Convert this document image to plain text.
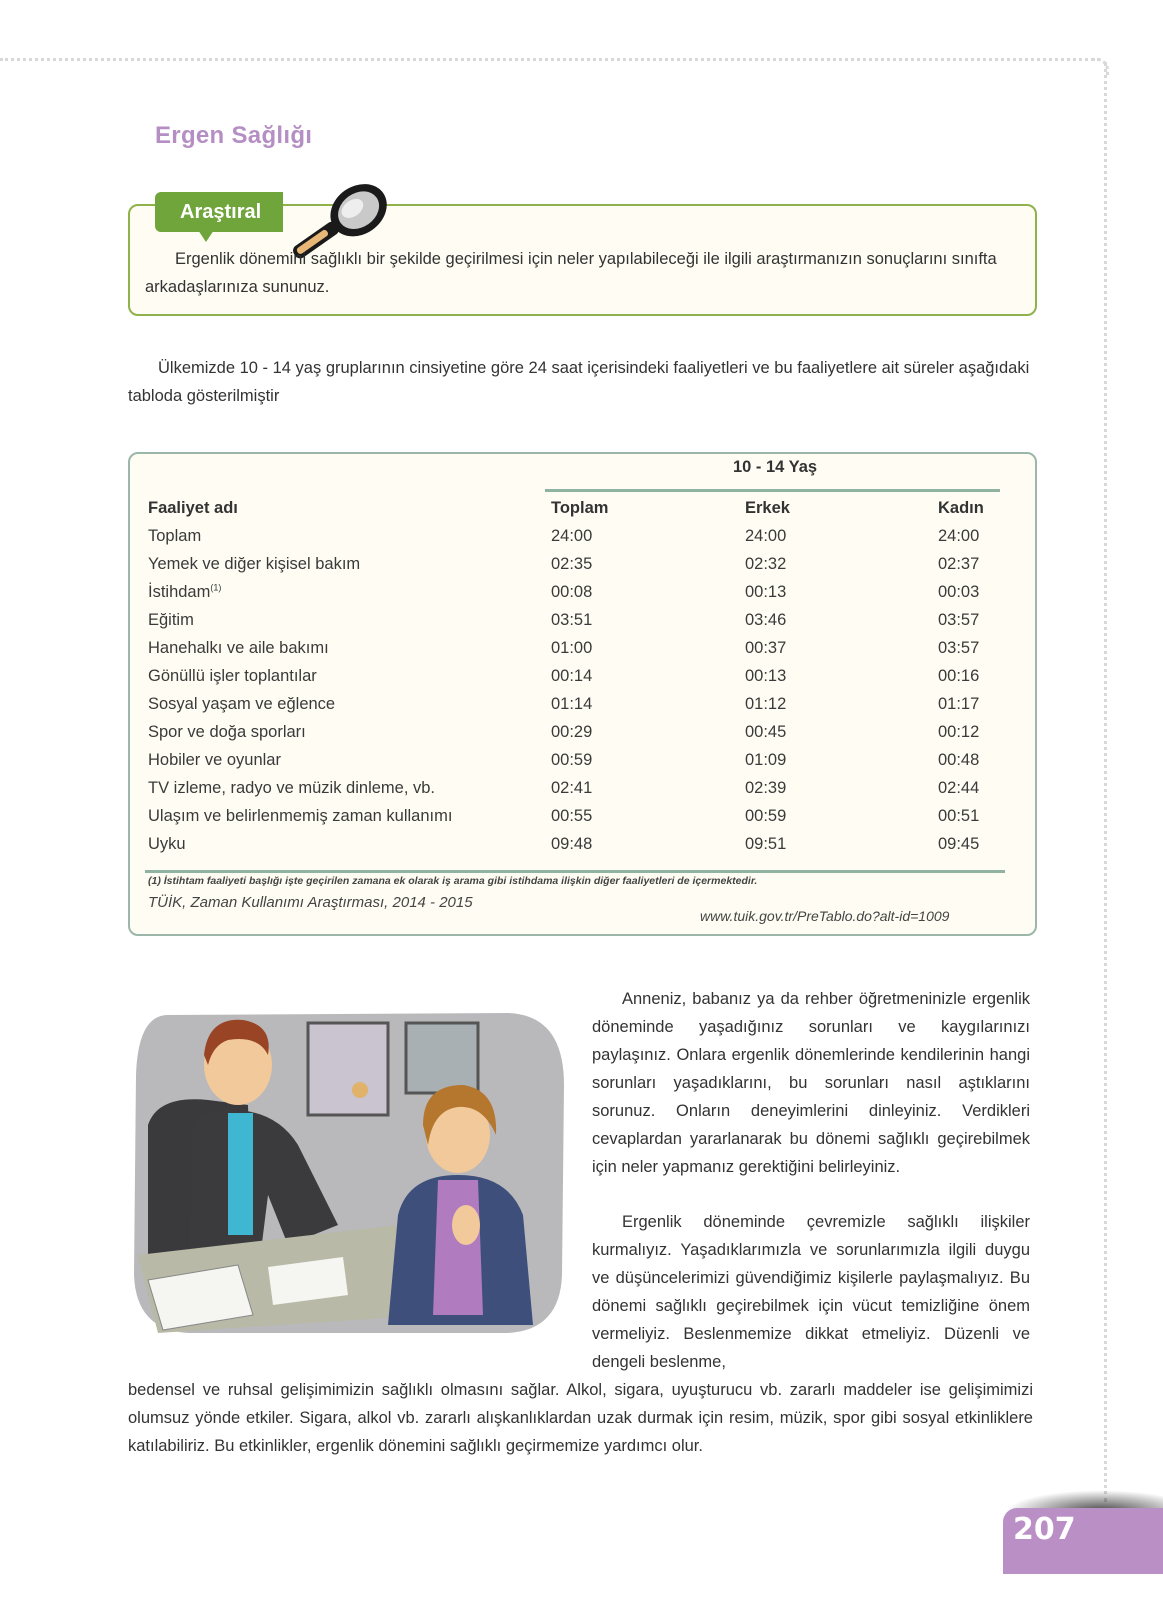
Ergen Sağlığı
Araştıral
Ergenlik dönemini sağlıklı bir şekilde geçirilmesi için neler yapılabileceği ile ilgili araştırmanızın sonuçlarını sınıfta arkadaşlarınıza sununuz.
Ülkemizde 10 - 14 yaş gruplarının cinsiyetine göre 24 saat içerisindeki faaliyetleri ve bu faaliyetlere ait süreler aşağıdaki tabloda gösterilmiştir
10 - 14 Yaş
Faaliyet adı	Toplam	Erkek	Kadın
Toplam	24:00	24:00	24:00
Yemek ve diğer kişisel bakım	02:35	02:32	02:37
İstihdam$^{(1)}$	00:08	00:13	00:03
Eğitim	03:51	03:46	03:57
Hanehalkı ve aile bakımı	01:00	00:37	03:57
Gönüllü işler toplantılar	00:14	00:13	00:16
Sosyal yaşam ve eğlence	01:14	01:12	01:17
Spor ve doğa sporları	00:29	00:45	00:12
Hobiler ve oyunlar	00:59	01:09	00:48
TV izleme, radyo ve müzik dinleme, vb.	02:41	02:39	02:44
Ulaşım ve belirlenmemiş zaman kullanımı	00:55	00:59	00:51
Uyku	09:48	09:51	09:45
(1) İstihtam faaliyeti başlığı işte geçirilen zamana ek olarak iş arama gibi istihdama ilişkin diğer faaliyetleri de içermektedir.
TÜİK, Zaman Kullanımı Araştırması, 2014 - 2015
www.tuik.gov.tr/PreTablo.do?alt-id=1009
Anneniz, babanız ya da rehber öğretmeninizle ergenlik döneminde yaşadığınız sorunları ve kaygılarınızı paylaşınız. Onlara ergenlik dönemlerinde kendilerinin hangi sorunları yaşadıklarını, bu sorunları nasıl aştıklarını sorunuz. Onların deneyimlerini dinleyiniz. Verdikleri cevaplardan yararlanarak bu dönemi sağlıklı geçirebilmek için neler yapmanız gerektiğini belirleyiniz.
Ergenlik döneminde çevremizle sağlıklı ilişkiler kurmalıyız. Yaşadıklarımızla ve sorunlarımızla ilgili duygu ve düşüncelerimizi güvendiğimiz kişilerle paylaşmalıyız. Bu dönemi sağlıklı geçirebilmek için vücut temizliğine önem vermeliyiz. Beslenmemize dikkat etmeliyiz. Düzenli ve dengeli beslenme,
bedensel ve ruhsal gelişimimizin sağlıklı olmasını sağlar. Alkol, sigara, uyuşturucu vb. zararlı maddeler ise gelişimimizi olumsuz yönde etkiler. Sigara, alkol vb. zararlı alışkanlıklardan uzak durmak için resim, müzik, spor gibi sosyal etkinliklere katılabiliriz. Bu etkinlikler, ergenlik dönemini sağlıklı geçirmemize yardımcı olur.
207
